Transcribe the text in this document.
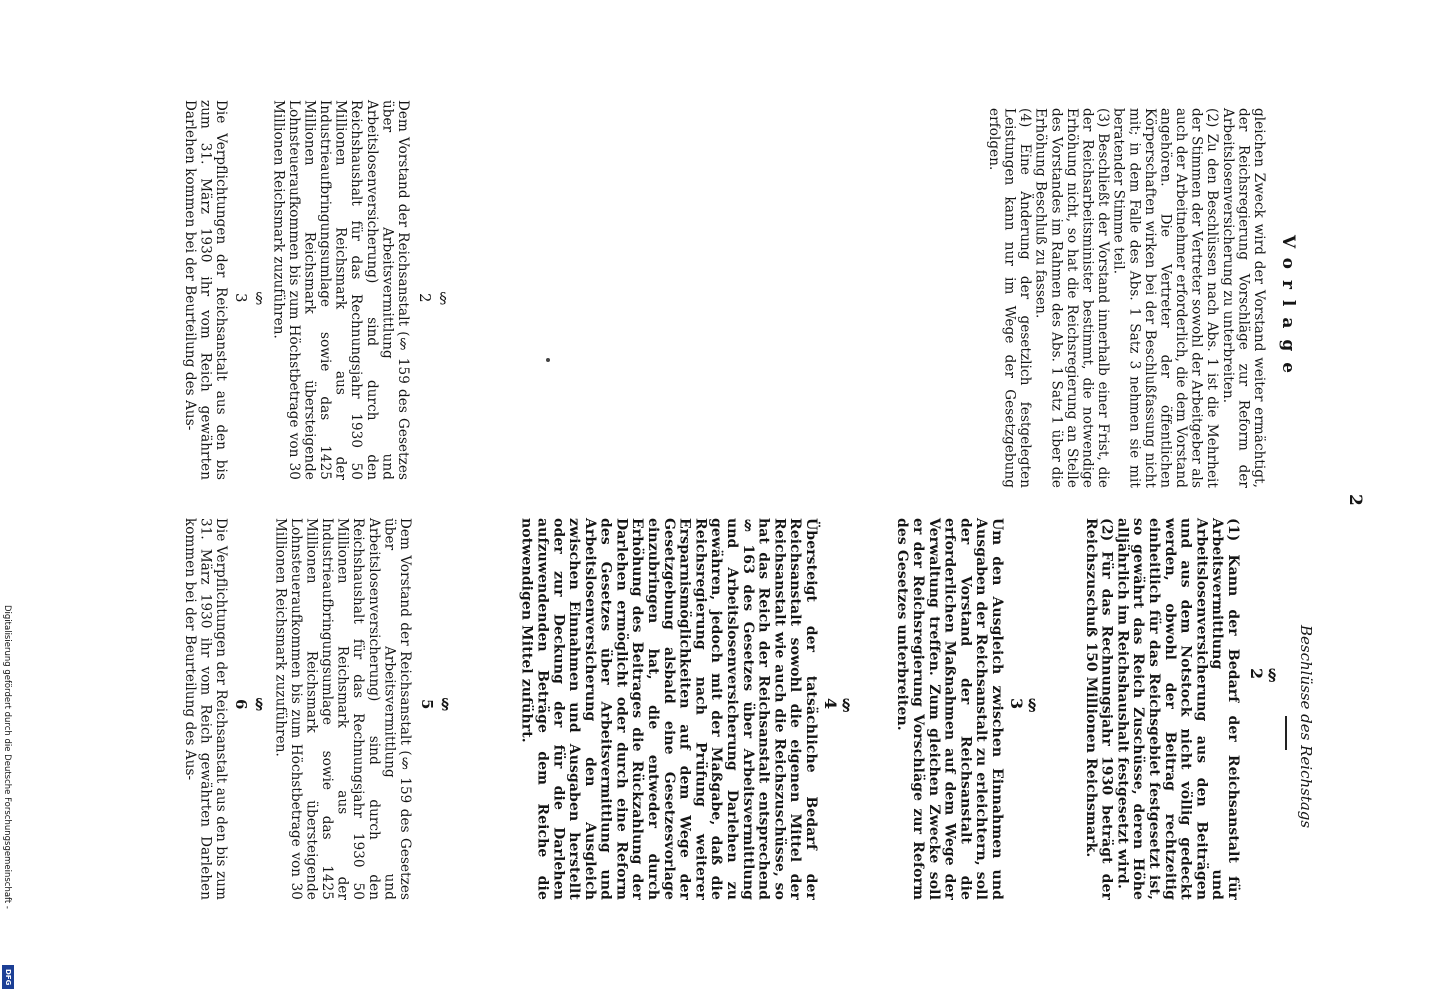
Digitalisierung gefördert durch die Deutsche Forschungsgemeinschaft -
DFG
Vorlage
2
Beschlüsse des Reichstags
gleichen Zweck wird der Vorstand weiter ermächtigt, der Reichsregierung Vorschläge zur Reform der Arbeitslosenversicherung zu unterbreiten.
(2) Zu den Beschlüssen nach Abs. 1 ist die Mehrheit der Stimmen der Vertreter sowohl der Arbeitgeber als auch der Arbeitnehmer erforderlich, die dem Vorstand angehören. Die Vertreter der öffentlichen Körperschaften wirken bei der Beschlußfassung nicht mit; in dem Falle des Abs. 1 Satz 3 nehmen sie mit beratender Stimme teil.
(3) Beschließt der Vorstand innerhalb einer Frist, die der Reichsarbeitsminister bestimmt, die notwendige Erhöhung nicht, so hat die Reichsregierung an Stelle des Vorstandes im Rahmen des Abs. 1 Satz 1 über die Erhöhung Beschluß zu fassen.
(4) Eine Änderung der gesetzlich festgelegten Leistungen kann nur im Wege der Gesetzgebung erfolgen.
§ 2
Dem Vorstand der Reichsanstalt (§ 159 des Gesetzes über Arbeitsvermittlung und Arbeitslosenversicherung) sind durch den Reichshaushalt für das Rechnungsjahr 1930 50 Millionen Reichsmark aus der Industrieaufbringungsumlage sowie das 1425 Millionen Reichsmark übersteigende Lohnsteueraufkommen bis zum Höchstbetrage von 30 Millionen Reichsmark zuzuführen.
§ 3
Die Verpflichtungen der Reichsanstalt aus den bis zum 31. März 1930 ihr vom Reich gewährten Darlehen kommen bei der Beurteilung des Aus-
§ 2
(1) Kann der Bedarf der Reichsanstalt für Arbeitsvermittlung und Arbeitslosenversicherung aus den Beiträgen und aus dem Notstock nicht völlig gedeckt werden, obwohl der Beitrag rechtzeitig einheitlich für das Reichsgebiet festgesetzt ist, so gewährt das Reich Zuschüsse, deren Höhe alljährlich im Reichshaushalt festgesetzt wird.
(2) Für das Rechnungsjahr 1930 beträgt der Reichszuschuß 150 Millionen Reichsmark.
§ 3
Um den Ausgleich zwischen Einnahmen und Ausgaben der Reichsanstalt zu erleichtern, soll der Vorstand der Reichsanstalt die erforderlichen Maßnahmen auf dem Wege der Verwaltung treffen. Zum gleichen Zwecke soll er der Reichsregierung Vorschläge zur Reform des Gesetzes unterbreiten.
§ 4
Übersteigt der tatsächliche Bedarf der Reichsanstalt sowohl die eigenen Mittel der Reichsanstalt wie auch die Reichszuschüsse, so hat das Reich der Reichsanstalt entsprechend § 163 des Gesetzes über Arbeitsvermittlung und Arbeitslosenversicherung Darlehen zu gewähren, jedoch mit der Maßgabe, daß die Reichsregierung nach Prüfung weiterer Ersparnismöglichkeiten auf dem Wege der Gesetzgebung alsbald eine Gesetzesvorlage einzubringen hat, die entweder durch Erhöhung des Beitrages die Rückzahlung der Darlehen ermöglicht oder durch eine Reform des Gesetzes über Arbeitsvermittlung und Arbeitslosenversicherung den Ausgleich zwischen Einnahmen und Ausgaben herstellt oder zur Deckung der für die Darlehen aufzuwendenden Beträge dem Reiche die notwendigen Mittel zuführt.
§ 5
Dem Vorstand der Reichsanstalt (§ 159 des Gesetzes über Arbeitsvermittlung und Arbeitslosenversicherung) sind durch den Reichshaushalt für das Rechnungsjahr 1930 50 Millionen Reichsmark aus der Industrieaufbringungsumlage sowie das 1425 Millionen Reichsmark übersteigende Lohnsteueraufkommen bis zum Höchstbetrage von 30 Millionen Reichsmark zuzuführen.
§ 6
Die Verpflichtungen der Reichsanstalt aus den bis zum 31. März 1930 ihr vom Reich gewährten Darlehen kommen bei der Beurteilung des Aus-
